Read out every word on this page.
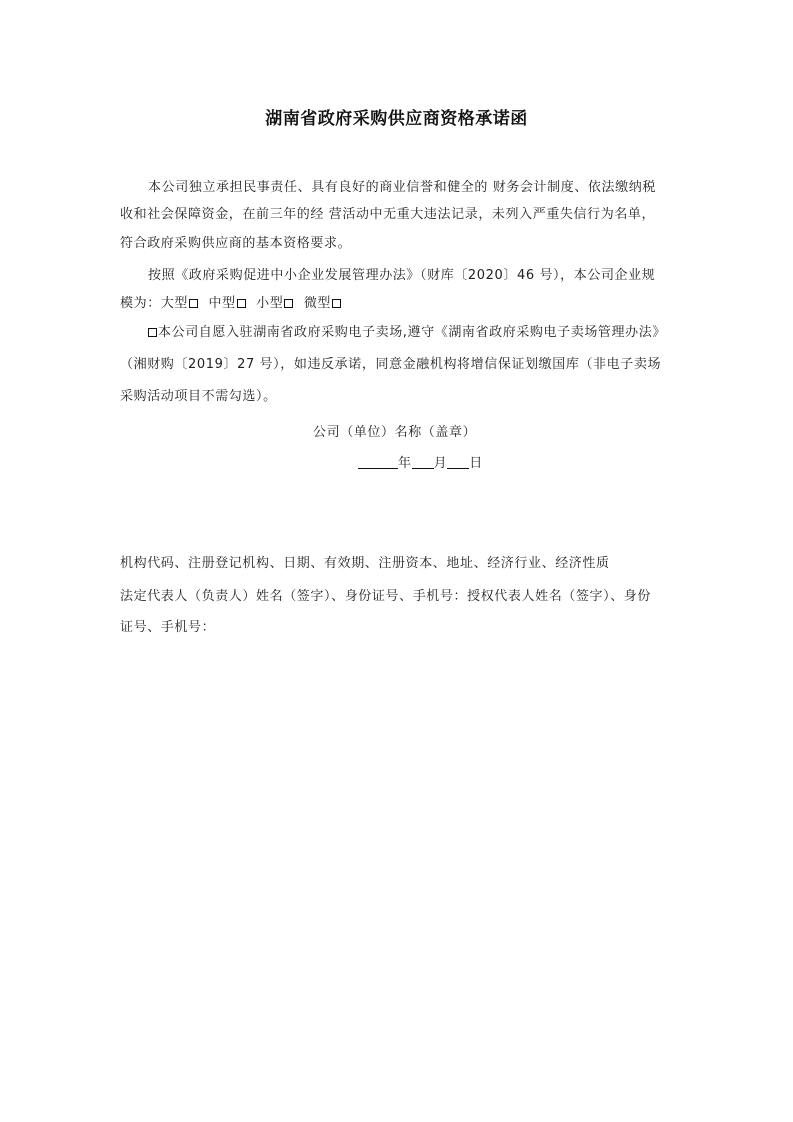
湖南省政府采购供应商资格承诺函
本公司独立承担民事责任、具有良好的商业信誉和健全的 财务会计制度、依法缴纳税
收和社会保障资金，在前三年的经 营活动中无重大违法记录，未列入严重失信行为名单，
符合政府采购供应商的基本资格要求。
按照《政府采购促进中小企业发展管理办法》（财库〔2020〕46 号），本公司企业规
模为：大型 中型 小型 微型
本公司自愿入驻湖南省政府采购电子卖场,遵守《湖南省政府采购电子卖场管理办法》
（湘财购〔2019〕27 号），如违反承诺，同意金融机构将增信保证划缴国库（非电子卖场
采购活动项目不需勾选）。
公司（单位）名称（盖章）
年 月 日
机构代码、注册登记机构、日期、有效期、注册资本、地址、经济行业、经济性质
法定代表人（负责人）姓名（签字）、身份证号、手机号：授权代表人姓名（签字）、身份
证号、手机号：
